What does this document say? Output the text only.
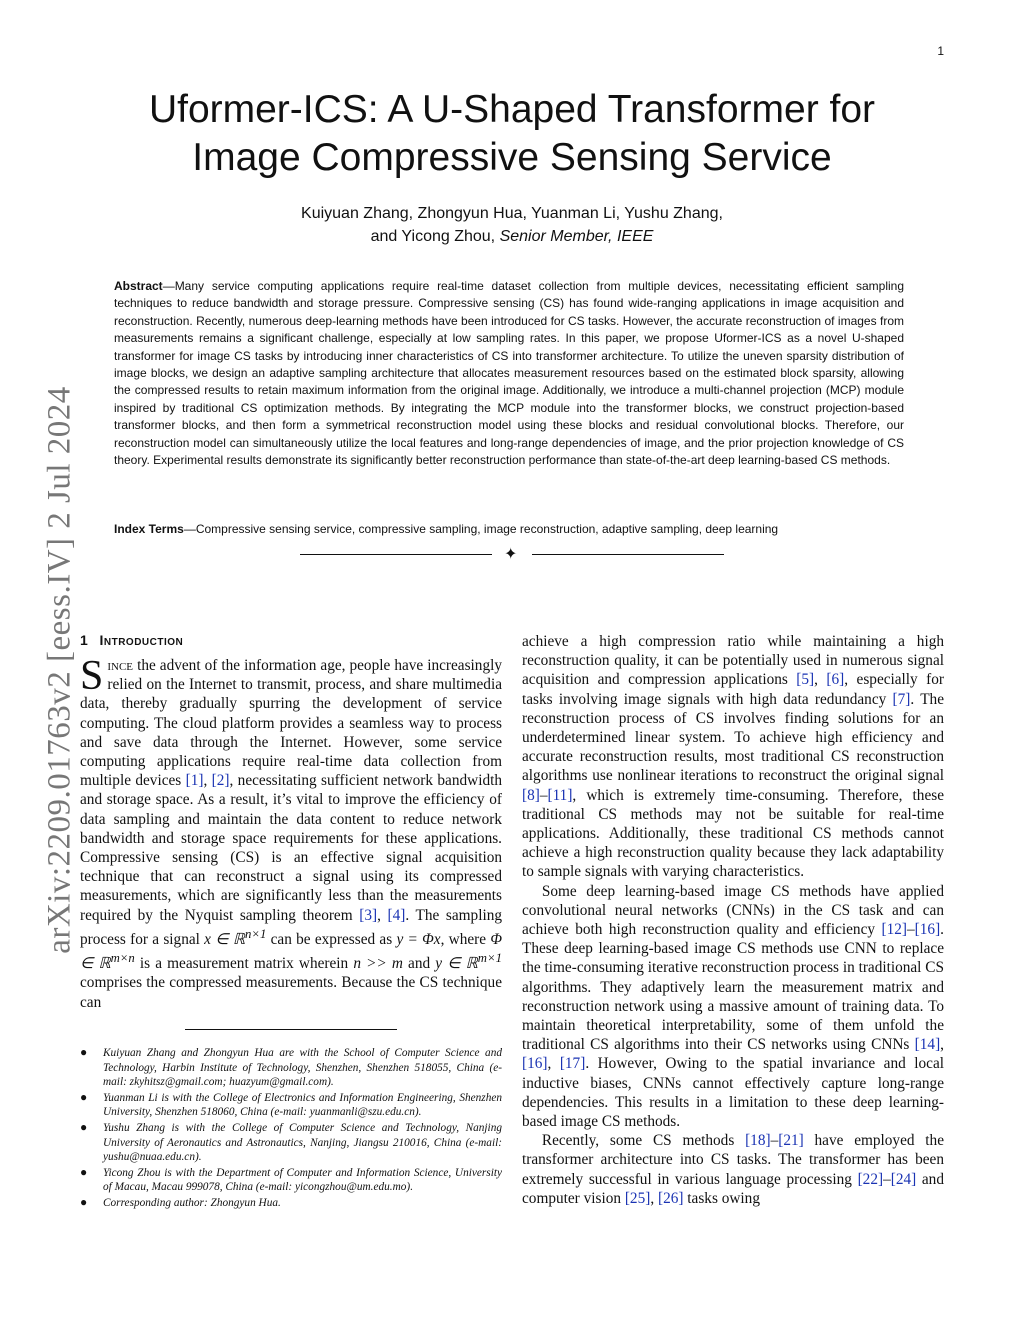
1
arXiv:2209.01763v2 [eess.IV] 2 Jul 2024
Uformer-ICS: A U-Shaped Transformer for
Image Compressive Sensing Service
Kuiyuan Zhang, Zhongyun Hua, Yuanman Li, Yushu Zhang,
and Yicong Zhou, Senior Member, IEEE
Abstract—Many service computing applications require real-time dataset collection from multiple devices, necessitating efficient sampling techniques to reduce bandwidth and storage pressure. Compressive sensing (CS) has found wide-ranging applications in image acquisition and reconstruction. Recently, numerous deep-learning methods have been introduced for CS tasks. However, the accurate reconstruction of images from measurements remains a significant challenge, especially at low sampling rates. In this paper, we propose Uformer-ICS as a novel U-shaped transformer for image CS tasks by introducing inner characteristics of CS into transformer architecture. To utilize the uneven sparsity distribution of image blocks, we design an adaptive sampling architecture that allocates measurement resources based on the estimated block sparsity, allowing the compressed results to retain maximum information from the original image. Additionally, we introduce a multi-channel projection (MCP) module inspired by traditional CS optimization methods. By integrating the MCP module into the transformer blocks, we construct projection-based transformer blocks, and then form a symmetrical reconstruction model using these blocks and residual convolutional blocks. Therefore, our reconstruction model can simultaneously utilize the local features and long-range dependencies of image, and the prior projection knowledge of CS theory. Experimental results demonstrate its significantly better reconstruction performance than state-of-the-art deep learning-based CS methods.
Index Terms—Compressive sensing service, compressive sampling, image reconstruction, adaptive sampling, deep learning
✦
1 Introduction

Since the advent of the information age, people have increasingly relied on the Internet to transmit, process, and share multimedia data, thereby gradually spurring the development of service computing. The cloud platform provides a seamless way to process and save data through the Internet. However, some service computing applications require real-time data collection from multiple devices [1], [2], necessitating sufficient network bandwidth and storage space. As a result, it’s vital to improve the efficiency of data sampling and maintain the data content to reduce network bandwidth and storage space requirements for these applications. Compressive sensing (CS) is an effective signal acquisition technique that can reconstruct a signal using its compressed measurements, which are significantly less than the measurements required by the Nyquist sampling theorem [3], [4]. The sampling process for a signal x ∈ ℝ$^{n\times 1}$ can be expressed as y = Φx, where Φ ∈ ℝ$^{m\times n}$ is a measurement matrix wherein n >> m and y ∈ ℝ$^{m\times 1}$ comprises the compressed measurements. Because the CS technique can

● Kuiyuan Zhang and Zhongyun Hua are with the School of Computer Science and Technology, Harbin Institute of Technology, Shenzhen, Shenzhen 518055, China (e-mail: zkyhitsz@gmail.com; huazyum@gmail.com).
● Yuanman Li is with the College of Electronics and Information Engineering, Shenzhen University, Shenzhen 518060, China (e-mail: yuanmanli@szu.edu.cn).
● Yushu Zhang is with the College of Computer Science and Technology, Nanjing University of Aeronautics and Astronautics, Nanjing, Jiangsu 210016, China (e-mail: yushu@nuaa.edu.cn).
● Yicong Zhou is with the Department of Computer and Information Science, University of Macau, Macau 999078, China (e-mail: yicongzhou@um.edu.mo).
● Corresponding author: Zhongyun Hua.

achieve a high compression ratio while maintaining a high reconstruction quality, it can be potentially used in numerous signal acquisition and compression applications [5], [6], especially for tasks involving image signals with high data redundancy [7]. The reconstruction process of CS involves finding solutions for an underdetermined linear system. To achieve high efficiency and accurate reconstruction results, most traditional CS reconstruction algorithms use nonlinear iterations to reconstruct the original signal [8]–[11], which is extremely time-consuming. Therefore, these traditional CS methods may not be suitable for real-time applications. Additionally, these traditional CS methods cannot achieve a high reconstruction quality because they lack adaptability to sample signals with varying characteristics.

Some deep learning-based image CS methods have applied convolutional neural networks (CNNs) in the CS task and can achieve both high reconstruction quality and efficiency [12]–[16]. These deep learning-based image CS methods use CNN to replace the time-consuming iterative reconstruction process in traditional CS algorithms. They adaptively learn the measurement matrix and reconstruction network using a massive amount of training data. To maintain theoretical interpretability, some of them unfold the traditional CS algorithms into their CS networks using CNNs [14], [16], [17]. However, Owing to the spatial invariance and local inductive biases, CNNs cannot effectively capture long-range dependencies. This results in a limitation to these deep learning-based image CS methods.

Recently, some CS methods [18]–[21] have employed the transformer architecture into CS tasks. The transformer has been extremely successful in various language processing [22]–[24] and computer vision [25], [26] tasks owing
